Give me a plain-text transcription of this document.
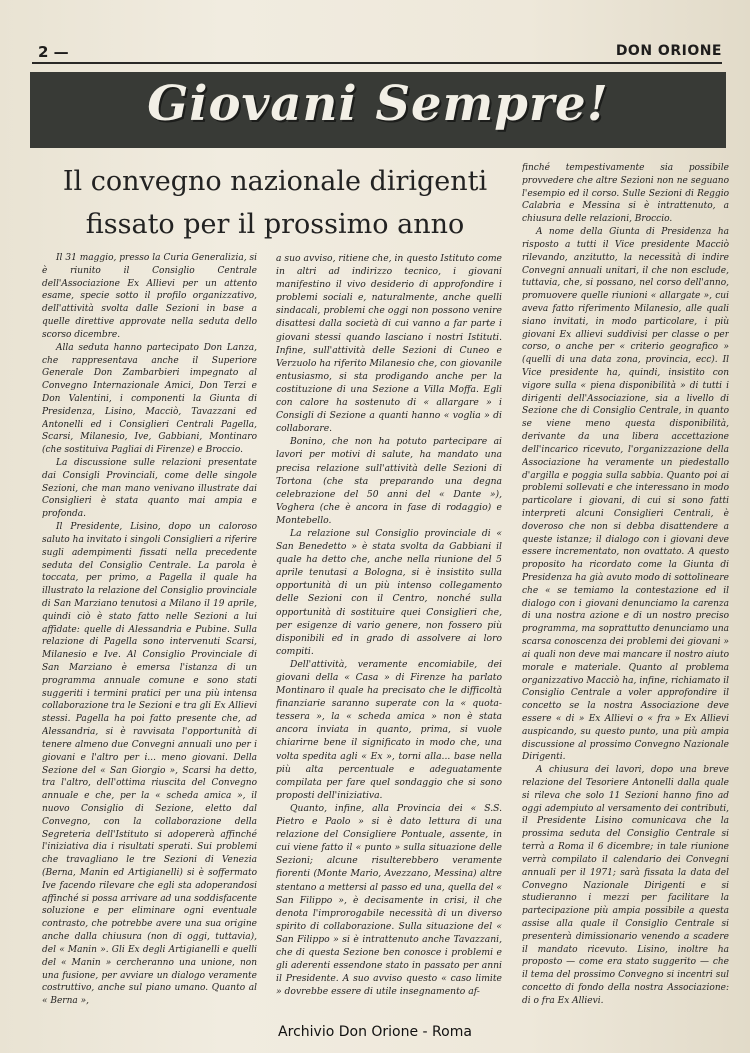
2 —	DON ORIONE
Giovani Sempre!
Il convegno nazionale dirigenti
fissato per il prossimo anno

Il 31 maggio, presso la Curia Generalizia, si è riunito il Consiglio Centrale dell'Associazione Ex Allievi per un attento esame, specie sotto il profilo organizzativo, dell'attività svolta dalle Sezioni in base a quelle direttive approvate nella seduta dello scorso dicembre.

Alla seduta hanno partecipato Don Lanza, che rappresentava anche il Superiore Generale Don Zambarbieri impegnato al Convegno Internazionale Amici, Don Terzi e Don Valentini, i componenti la Giunta di Presidenza, Lisino, Macciò, Tavazzani ed Antonelli ed i Consiglieri Centrali Pagella, Scarsi, Milanesio, Ive, Gabbiani, Montinaro (che sostituiva Pagliai di Firenze) e Broccio.

La discussione sulle relazioni presentate dai Consigli Provinciali, come delle singole Sezioni, che man mano venivano illustrate dai Consiglieri è stata quanto mai ampia e profonda.

Il Presidente, Lisino, dopo un caloroso saluto ha invitato i singoli Consiglieri a riferire sugli adempimenti fissati nella precedente seduta del Consiglio Centrale. La parola è toccata, per primo, a Pagella il quale ha illustrato la relazione del Consiglio provinciale di San Marziano tenutosi a Milano il 19 aprile, quindi ciò è stato fatto nelle Sezioni a lui affidate: quelle di Alessandria e Pubine. Sulla relazione di Pagella sono intervenuti Scarsi, Milanesio e Ive. Al Consiglio Provinciale di San Marziano è emersa l'istanza di un programma annuale comune e sono stati suggeriti i termini pratici per una più intensa collaborazione tra le Sezioni e tra gli Ex Allievi stessi. Pagella ha poi fatto presente che, ad Alessandria, si è ravvisata l'opportunità di tenere almeno due Convegni annuali uno per i giovani e l'altro per i... meno giovani. Della Sezione del « San Giorgio », Scarsi ha detto, tra l'altro, dell'ottima riuscita del Convegno annuale e che, per la « scheda amica », il nuovo Consiglio di Sezione, eletto dal Convegno, con la collaborazione della Segreteria dell'Istituto si adopererà affinché l'iniziativa dia i risultati sperati. Sui problemi che travagliano le tre Sezioni di Venezia (Berna, Manin ed Artigianelli) si è soffermato Ive facendo rilevare che egli sta adoperandosi affinché si possa arrivare ad una soddisfacente soluzione e per eliminare ogni eventuale contrasto, che potrebbe avere una sua origine anche dalla chiusura (non di oggi, tuttavia), del « Manin ». Gli Ex degli Artigianelli e quelli del « Manin » cercheranno una unione, non una fusione, per avviare un dialogo veramente costruttivo, anche sul piano umano. Quanto al « Berna »,

a suo avviso, ritiene che, in questo Istituto come in altri ad indirizzo tecnico, i giovani manifestino il vivo desiderio di approfondire i problemi sociali e, naturalmente, anche quelli sindacali, problemi che oggi non possono venire disattesi dalla società di cui vanno a far parte i giovani stessi quando lasciano i nostri Istituti. Infine, sull'attività delle Sezioni di Cuneo e Verzuolo ha riferito Milanesio che, con giovanile entusiasmo, si sta prodigando anche per la costituzione di una Sezione a Villa Moffa. Egli con calore ha sostenuto di « allargare » i Consigli di Sezione a quanti hanno « voglia » di collaborare.

Bonino, che non ha potuto partecipare ai lavori per motivi di salute, ha mandato una precisa relazione sull'attività delle Sezioni di Tortona (che sta preparando una degna celebrazione del 50 anni del « Dante »), Voghera (che è ancora in fase di rodaggio) e Montebello.

La relazione sul Consiglio provinciale di « San Benedetto » è stata svolta da Gabbiani il quale ha detto che, anche nella riunione del 5 aprile tenutasi a Bologna, si è insistito sulla opportunità di un più intenso collegamento delle Sezioni con il Centro, nonché sulla opportunità di sostituire quei Consiglieri che, per esigenze di vario genere, non fossero più disponibili ed in grado di assolvere ai loro compiti.

Dell'attività, veramente encomiabile, dei giovani della « Casa » di Firenze ha parlato Montinaro il quale ha precisato che le difficoltà finanziarie saranno superate con la « quota-tessera », la « scheda amica » non è stata ancora inviata in quanto, prima, si vuole chiarirne bene il significato in modo che, una volta spedita agli « Ex », torni alla... base nella più alta percentuale e adeguatamente compilata per fare quel sondaggio che si sono proposti dell'iniziativa.

Quanto, infine, alla Provincia dei « S.S. Pietro e Paolo » si è dato lettura di una relazione del Consigliere Pontuale, assente, in cui viene fatto il « punto » sulla situazione delle Sezioni; alcune risulterebbero veramente fiorenti (Monte Mario, Avezzano, Messina) altre stentano a mettersi al passo ed una, quella del « San Filippo », è decisamente in crisi, il che denota l'improrogabile necessità di un diverso spirito di collaborazione. Sulla situazione del « San Filippo » si è intrattenuto anche Tavazzani, che di questa Sezione ben conosce i problemi e gli aderenti essendone stato in passato per anni il Presidente. A suo avviso questo « caso limite » dovrebbe essere di utile insegnamento af-

finché tempestivamente sia possibile provvedere che altre Sezioni non ne seguano l'esempio ed il corso. Sulle Sezioni di Reggio Calabria e Messina si è intrattenuto, a chiusura delle relazioni, Broccio.

A nome della Giunta di Presidenza ha risposto a tutti il Vice presidente Macciò rilevando, anzitutto, la necessità di indire Convegni annuali unitari, il che non esclude, tuttavia, che, si possano, nel corso dell'anno, promuovere quelle riunioni « allargate », cui aveva fatto riferimento Milanesio, alle quali siano invitati, in modo particolare, i più giovani Ex allievi suddivisi per classe o per corso, o anche per « criterio geografico » (quelli di una data zona, provincia, ecc). Il Vice presidente ha, quindi, insistito con vigore sulla « piena disponibilità » di tutti i dirigenti dell'Associazione, sia a livello di Sezione che di Consiglio Centrale, in quanto se viene meno questa disponibilità, derivante da una libera accettazione dell'incarico ricevuto, l'organizzazione della Associazione ha veramente un piedestallo d'argilla e poggia sulla sabbia. Quanto poi ai problemi sollevati e che interessano in modo particolare i giovani, di cui si sono fatti interpreti alcuni Consiglieri Centrali, è doveroso che non si debba disattendere a queste istanze; il dialogo con i giovani deve essere incrementato, non ovattato. A questo proposito ha ricordato come la Giunta di Presidenza ha già avuto modo di sottolineare che « se temiamo la contestazione ed il dialogo con i giovani denunciamo la carenza di una nostra azione e di un nostro preciso programma, ma soprattutto denunciamo una scarsa conoscenza dei problemi dei giovani » ai quali non deve mai mancare il nostro aiuto morale e materiale. Quanto al problema organizzativo Macciò ha, infine, richiamato il Consiglio Centrale a voler approfondire il concetto se la nostra Associazione deve essere « di » Ex Allievi o « fra » Ex Allievi auspicando, su questo punto, una più ampia discussione al prossimo Convegno Nazionale Dirigenti.

A chiusura dei lavori, dopo una breve relazione del Tesoriere Antonelli dalla quale si rileva che solo 11 Sezioni hanno fino ad oggi adempiuto al versamento dei contributi, il Presidente Lisino comunicava che la prossima seduta del Consiglio Centrale si terrà a Roma il 6 dicembre; in tale riunione verrà compilato il calendario dei Convegni annuali per il 1971; sarà fissata la data del Convegno Nazionale Dirigenti e si studieranno i mezzi per facilitare la partecipazione più ampia possibile a questa assise alla quale il Consiglio Centrale si presenterà dimissionario venendo a scadere il mandato ricevuto. Lisino, inoltre ha proposto — come era stato suggerito — che il tema del prossimo Convegno si incentri sul concetto di fondo della nostra Associazione: di o fra Ex Allievi.

Archivio Don Orione - Roma
